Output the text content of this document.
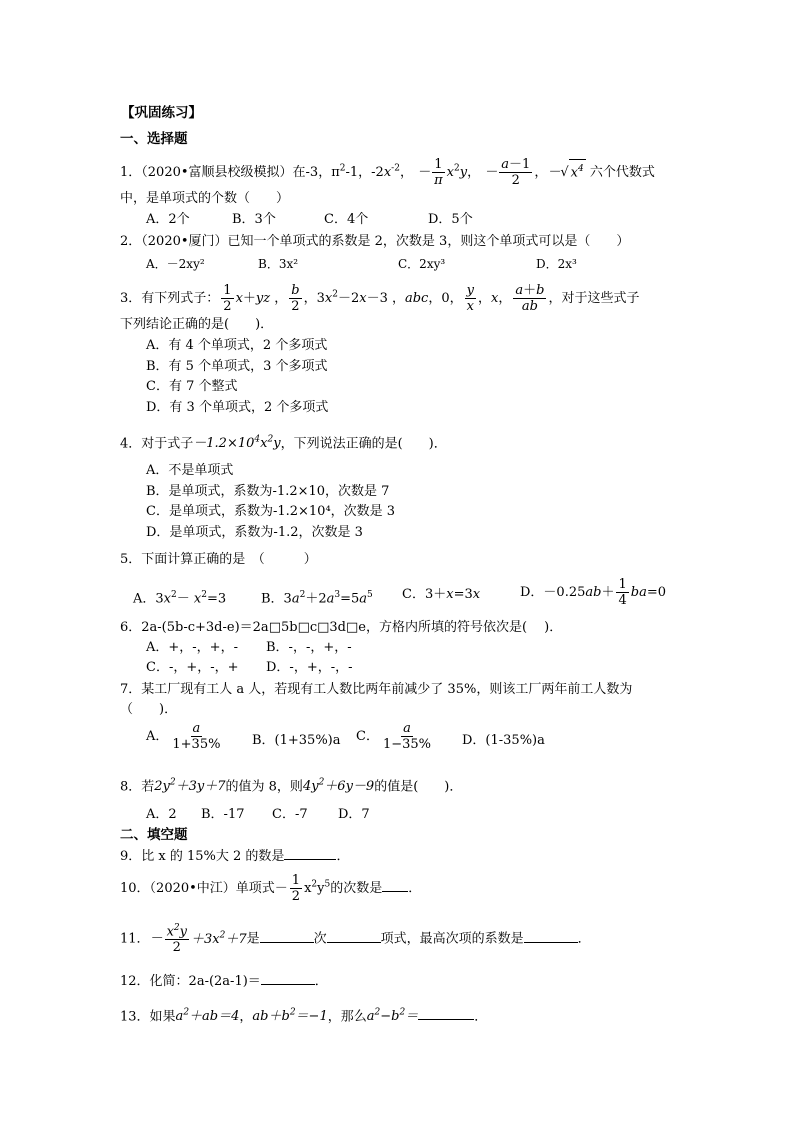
【巩固练习】
一、选择题
1．（2020•富顺县校级模拟）在-3，$\pi^2-1$，$-2x^{-2}$， － $\frac{1}{\pi} x^2y$， － $\frac{a-1}{2}$ ，－√ $x^4$ 六个代数式
中，是单项式的个数（　　）
A．2个	B．3个	C．4个	D．5个
2．（2020•厦门）已知一个单项式的系数是 2，次数是 3，则这个单项式可以是（　　）
A．－2xy²	B．3x²	C．2xy³	D．2x³
3．有下列式子： $\frac{1}{2} x+yz$ ， $\frac{b}{2}$ ，$3x^2-2x-3$ ，abc，0， $\frac{y}{x}$ ，x， $\frac{a+b}{ab}$ ，对于这些式子
下列结论正确的是(　　)．
A．有 4 个单项式，2 个多项式
B．有 5 个单项式，3 个多项式
C．有 7 个整式
D．有 3 个单项式，2 个多项式
4．对于式子$-1.2\times 10^4x^2y$，下列说法正确的是(　　)．
A．不是单项式
B．是单项式，系数为-1.2×10，次数是 7
C．是单项式，系数为-1.2×10⁴，次数是 3
D．是单项式，系数为-1.2，次数是 3
5．下面计算正确的是　（　　　）
A．$3x^2- x^2=3$	B．$3a^2+2a^3=5a^5$ C．3＋x=3x	D．$-0.25ab+ \frac{1}{4} ba=0$
6．2a-(5b-c+3d-e)＝2a□5b□c□3d□e，方格内所填的符号依次是(　 )．
A．+，-，+，- B．-，-，+，-
C．-，+，-，+ D．-，+，-，-
7．某工厂现有工人 a 人，若现有工人数比两年前减少了 35%，则该工厂两年前工人数为
（　　)．
A． $\frac{a}{1+35\%}$ B．(1+35%)a C． $\frac{a}{1-35\%}$ D．(1-35%)a
8．若$2y^2+3y+7$的值为 8，则$4y^2+6y-9$的值是(　　)．
A．2 B．-17 C．-7 D．7
二、填空题
9．比 x 的 15%大 2 的数是	．
10．（2020•中江）单项式－ $\frac{1}{2} x^2y^5$的次数是 ．
11．－ $\frac{x^2y}{2} +3x^2+7$是	次	项式，最高次项的系数是	．
12．化简：2a-(2a-1)＝	．
13．如果$a^2+ab=4$，$ab+b^2=-1$，那么$a^2-b^2=$	．
